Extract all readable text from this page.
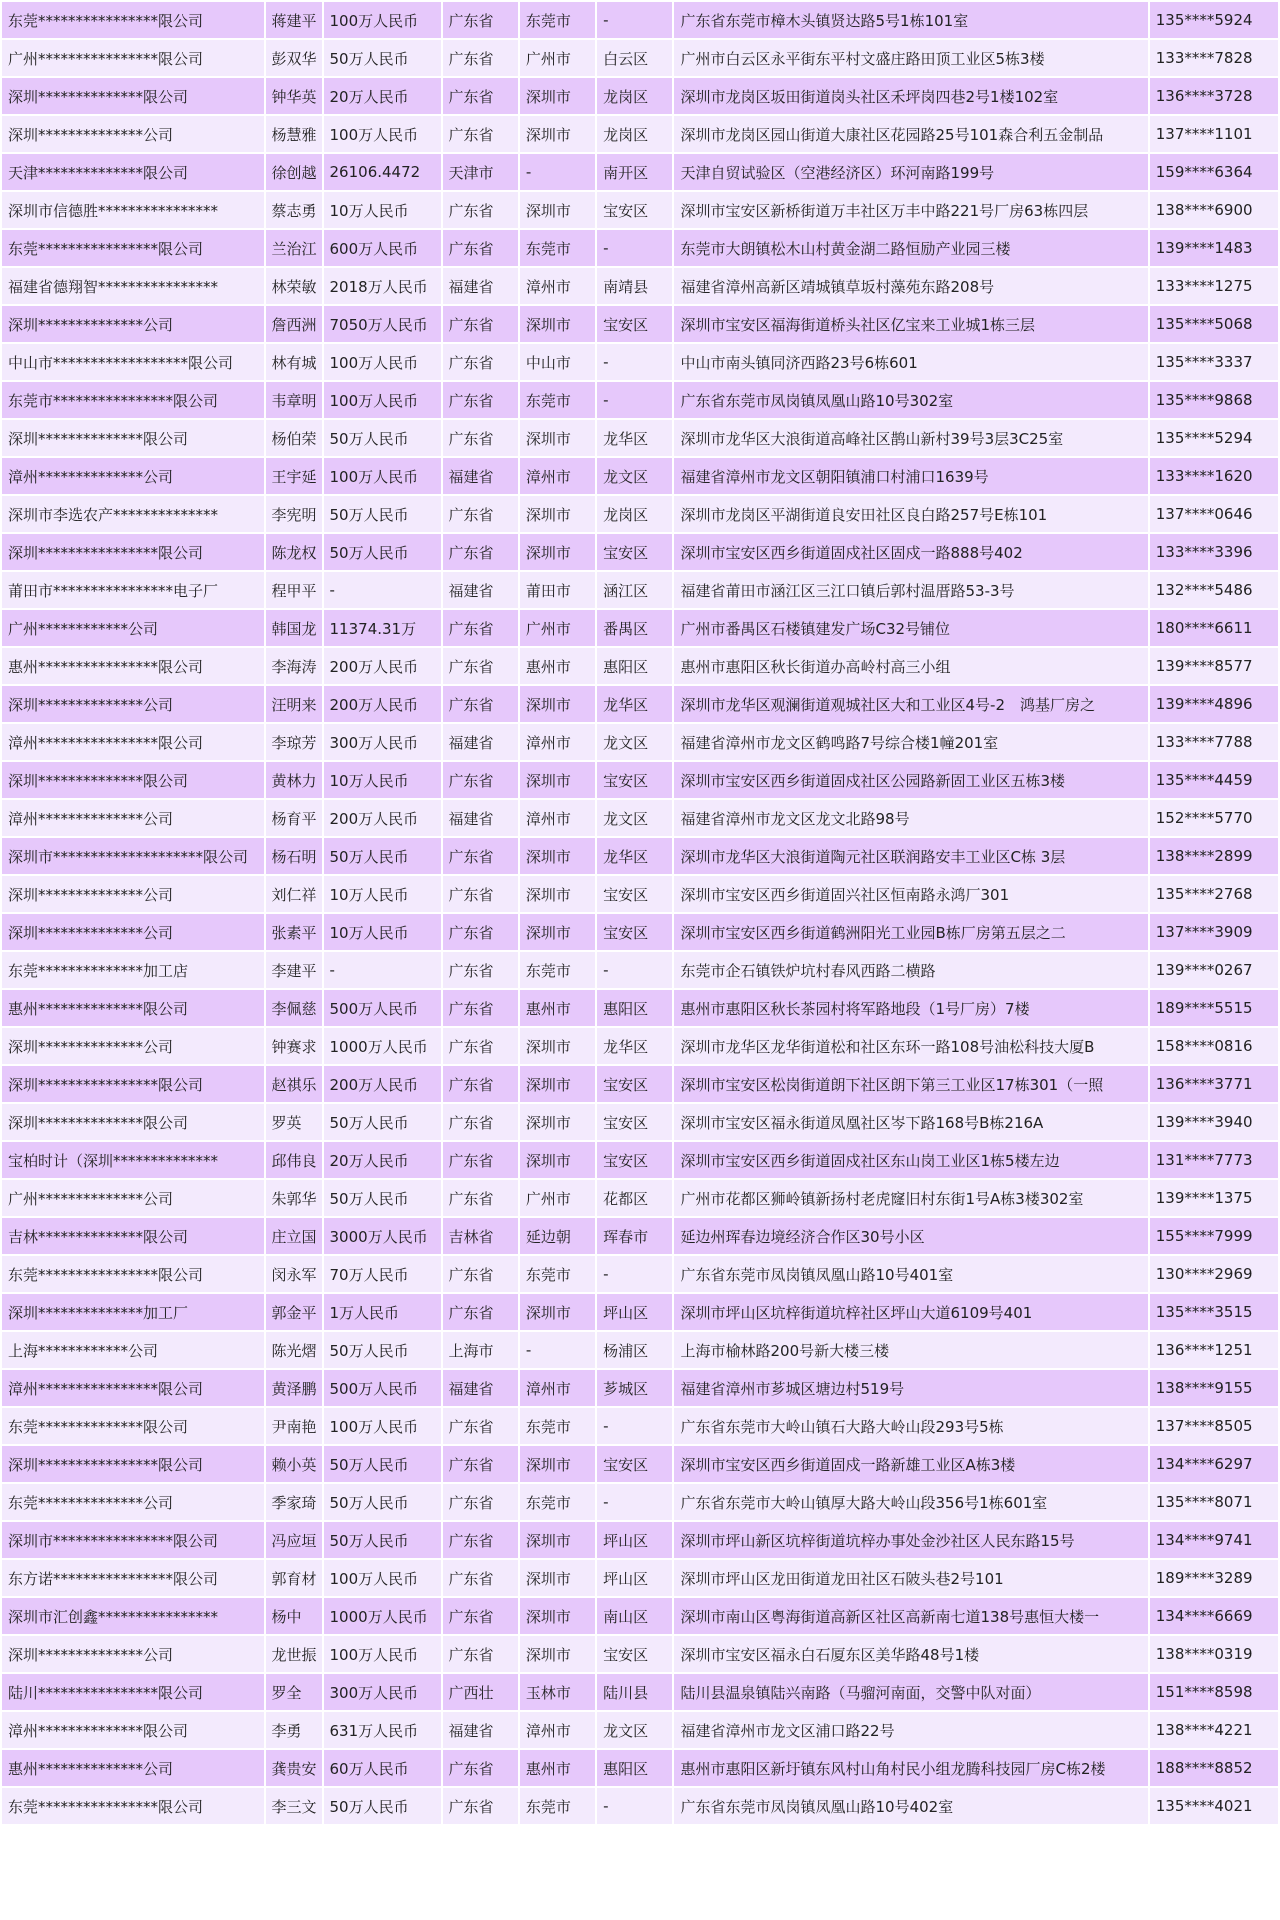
东莞****************限公司	蒋建平	100万人民币	广东省	东莞市	-	广东省东莞市樟木头镇贤达路5号1栋101室	135****5924
广州****************限公司	彭双华	50万人民币	广东省	广州市	白云区	广州市白云区永平街东平村文盛庄路田顶工业区5栋3楼	133****7828
深圳**************限公司	钟华英	20万人民币	广东省	深圳市	龙岗区	深圳市龙岗区坂田街道岗头社区禾坪岗四巷2号1楼102室	136****3728
深圳**************公司	杨慧雅	100万人民币	广东省	深圳市	龙岗区	深圳市龙岗区园山街道大康社区花园路25号101森合利五金制品	137****1101
天津**************限公司	徐创越	26106.4472	天津市	-	南开区	天津自贸试验区（空港经济区）环河南路199号	159****6364
深圳市信德胜****************	蔡志勇	10万人民币	广东省	深圳市	宝安区	深圳市宝安区新桥街道万丰社区万丰中路221号厂房63栋四层	138****6900
东莞****************限公司	兰治江	600万人民币	广东省	东莞市	-	东莞市大朗镇松木山村黄金湖二路恒励产业园三楼	139****1483
福建省德翔智****************	林荣敏	2018万人民币	福建省	漳州市	南靖县	福建省漳州高新区靖城镇草坂村藻苑东路208号	133****1275
深圳**************公司	詹西洲	7050万人民币	广东省	深圳市	宝安区	深圳市宝安区福海街道桥头社区亿宝来工业城1栋三层	135****5068
中山市******************限公司	林有城	100万人民币	广东省	中山市	-	中山市南头镇同济西路23号6栋601	135****3337
东莞市****************限公司	韦章明	100万人民币	广东省	东莞市	-	广东省东莞市凤岗镇凤凰山路10号302室	135****9868
深圳**************限公司	杨伯荣	50万人民币	广东省	深圳市	龙华区	深圳市龙华区大浪街道高峰社区鹊山新村39号3层3C25室	135****5294
漳州**************公司	王宇延	100万人民币	福建省	漳州市	龙文区	福建省漳州市龙文区朝阳镇浦口村浦口1639号	133****1620
深圳市李选农产**************	李宪明	50万人民币	广东省	深圳市	龙岗区	深圳市龙岗区平湖街道良安田社区良白路257号E栋101	137****0646
深圳****************限公司	陈龙权	50万人民币	广东省	深圳市	宝安区	深圳市宝安区西乡街道固戍社区固戍一路888号402	133****3396
莆田市****************电子厂	程甲平	-	福建省	莆田市	涵江区	福建省莆田市涵江区三江口镇后郭村温厝路53-3号	132****5486
广州************公司	韩国龙	11374.31万	广东省	广州市	番禺区	广州市番禺区石楼镇建发广场C32号铺位	180****6611
惠州****************限公司	李海涛	200万人民币	广东省	惠州市	惠阳区	惠州市惠阳区秋长街道办高岭村高三小组	139****8577
深圳**************公司	汪明来	200万人民币	广东省	深圳市	龙华区	深圳市龙华区观澜街道观城社区大和工业区4号-2　鸿基厂房之	139****4896
漳州****************限公司	李琼芳	300万人民币	福建省	漳州市	龙文区	福建省漳州市龙文区鹤鸣路7号综合楼1幢201室	133****7788
深圳**************限公司	黄林力	10万人民币	广东省	深圳市	宝安区	深圳市宝安区西乡街道固戍社区公园路新固工业区五栋3楼	135****4459
漳州**************公司	杨育平	200万人民币	福建省	漳州市	龙文区	福建省漳州市龙文区龙文北路98号	152****5770
深圳市********************限公司	杨石明	50万人民币	广东省	深圳市	龙华区	深圳市龙华区大浪街道陶元社区联润路安丰工业区C栋 3层	138****2899
深圳**************公司	刘仁祥	10万人民币	广东省	深圳市	宝安区	深圳市宝安区西乡街道固兴社区恒南路永鸿厂301	135****2768
深圳**************公司	张素平	10万人民币	广东省	深圳市	宝安区	深圳市宝安区西乡街道鹤洲阳光工业园B栋厂房第五层之二	137****3909
东莞**************加工店	李建平	-	广东省	东莞市	-	东莞市企石镇铁炉坑村春风西路二横路	139****0267
惠州**************限公司	李佩慈	500万人民币	广东省	惠州市	惠阳区	惠州市惠阳区秋长茶园村将军路地段（1号厂房）7楼	189****5515
深圳**************公司	钟赛求	1000万人民币	广东省	深圳市	龙华区	深圳市龙华区龙华街道松和社区东环一路108号油松科技大厦B	158****0816
深圳****************限公司	赵祺乐	200万人民币	广东省	深圳市	宝安区	深圳市宝安区松岗街道朗下社区朗下第三工业区17栋301（一照	136****3771
深圳**************限公司	罗英	50万人民币	广东省	深圳市	宝安区	深圳市宝安区福永街道凤凰社区岑下路168号B栋216A	139****3940
宝柏时计（深圳**************	邱伟良	20万人民币	广东省	深圳市	宝安区	深圳市宝安区西乡街道固戍社区东山岗工业区1栋5楼左边	131****7773
广州**************公司	朱郭华	50万人民币	广东省	广州市	花都区	广州市花都区狮岭镇新扬村老虎窿旧村东街1号A栋3楼302室	139****1375
吉林**************限公司	庄立国	3000万人民币	吉林省	延边朝	珲春市	延边州珲春边境经济合作区30号小区	155****7999
东莞****************限公司	闵永军	70万人民币	广东省	东莞市	-	广东省东莞市凤岗镇凤凰山路10号401室	130****2969
深圳**************加工厂	郭金平	1万人民币	广东省	深圳市	坪山区	深圳市坪山区坑梓街道坑梓社区坪山大道6109号401	135****3515
上海************公司	陈光熠	50万人民币	上海市	-	杨浦区	上海市榆林路200号新大楼三楼	136****1251
漳州****************限公司	黄泽鹏	500万人民币	福建省	漳州市	芗城区	福建省漳州市芗城区塘边村519号	138****9155
东莞**************限公司	尹南艳	100万人民币	广东省	东莞市	-	广东省东莞市大岭山镇石大路大岭山段293号5栋	137****8505
深圳****************限公司	赖小英	50万人民币	广东省	深圳市	宝安区	深圳市宝安区西乡街道固戍一路新雄工业区A栋3楼	134****6297
东莞**************公司	季家琦	50万人民币	广东省	东莞市	-	广东省东莞市大岭山镇厚大路大岭山段356号1栋601室	135****8071
深圳市****************限公司	冯应垣	50万人民币	广东省	深圳市	坪山区	深圳市坪山新区坑梓街道坑梓办事处金沙社区人民东路15号	134****9741
东方诺****************限公司	郭育材	100万人民币	广东省	深圳市	坪山区	深圳市坪山区龙田街道龙田社区石陂头巷2号101	189****3289
深圳市汇创鑫****************	杨中	1000万人民币	广东省	深圳市	南山区	深圳市南山区粤海街道高新区社区高新南七道138号惠恒大楼一	134****6669
深圳**************公司	龙世振	100万人民币	广东省	深圳市	宝安区	深圳市宝安区福永白石厦东区美华路48号1楼	138****0319
陆川****************限公司	罗全	300万人民币	广西壮	玉林市	陆川县	陆川县温泉镇陆兴南路（马骝河南面，交警中队对面）	151****8598
漳州**************限公司	李勇	631万人民币	福建省	漳州市	龙文区	福建省漳州市龙文区浦口路22号	138****4221
惠州**************公司	龚贵安	60万人民币	广东省	惠州市	惠阳区	惠州市惠阳区新圩镇东风村山角村民小组龙腾科技园厂房C栋2楼	188****8852
东莞****************限公司	李三文	50万人民币	广东省	东莞市	-	广东省东莞市凤岗镇凤凰山路10号402室	135****4021
